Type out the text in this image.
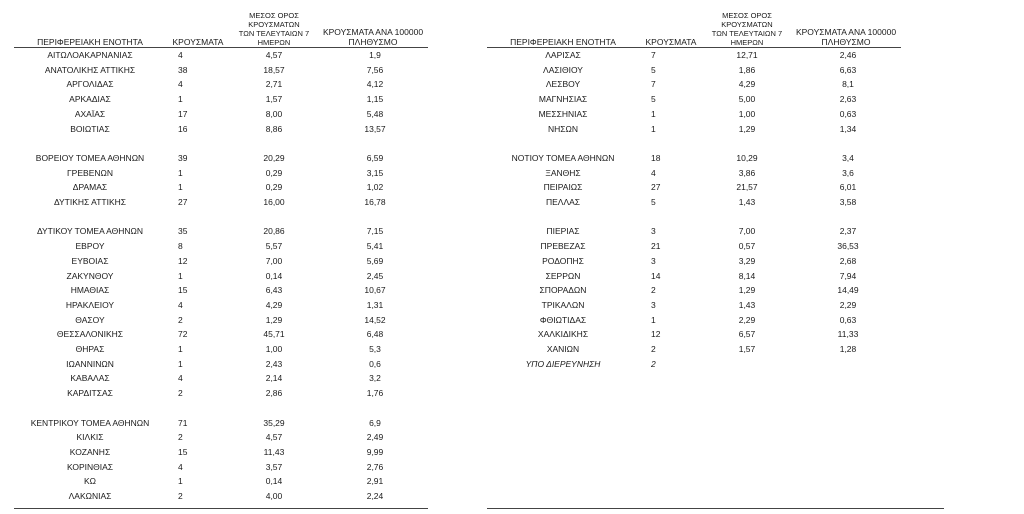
ΠΕΡΙΦΕΡΕΙΑΚΗ ΕΝΟΤΗΤΑ	ΚΡΟΥΣΜΑΤΑ	ΜΕΣΟΣ ΟΡΟΣ ΚΡΟΥΣΜΑΤΩΝ
ΤΩΝ ΤΕΛΕΥΤΑΙΩΝ 7 ΗΜΕΡΩΝ	ΚΡΟΥΣΜΑΤΑ ΑΝΑ 100000
ΠΛΗΘΥΣΜΟ
ΑΙΤΩΛΟΑΚΑΡΝΑΝΙΑΣ	4	4,57	1,9
ΑΝΑΤΟΛΙΚΗΣ ΑΤΤΙΚΗΣ	38	18,57	7,56
ΑΡΓΟΛΙΔΑΣ	4	2,71	4,12
ΑΡΚΑΔΙΑΣ	1	1,57	1,15
ΑΧΑΪΑΣ	17	8,00	5,48
ΒΟΙΩΤΙΑΣ	16	8,86	13,57

ΒΟΡΕΙΟΥ ΤΟΜΕΑ ΑΘΗΝΩΝ	39	20,29	6,59
ΓΡΕΒΕΝΩΝ	1	0,29	3,15
ΔΡΑΜΑΣ	1	0,29	1,02
ΔΥΤΙΚΗΣ ΑΤΤΙΚΗΣ	27	16,00	16,78

ΔΥΤΙΚΟΥ ΤΟΜΕΑ ΑΘΗΝΩΝ	35	20,86	7,15
ΕΒΡΟΥ	8	5,57	5,41
ΕΥΒΟΙΑΣ	12	7,00	5,69
ΖΑΚΥΝΘΟΥ	1	0,14	2,45
ΗΜΑΘΙΑΣ	15	6,43	10,67
ΗΡΑΚΛΕΙΟΥ	4	4,29	1,31
ΘΑΣΟΥ	2	1,29	14,52
ΘΕΣΣΑΛΟΝΙΚΗΣ	72	45,71	6,48
ΘΗΡΑΣ	1	1,00	5,3
ΙΩΑΝΝΙΝΩΝ	1	2,43	0,6
ΚΑΒΑΛΑΣ	4	2,14	3,2
ΚΑΡΔΙΤΣΑΣ	2	2,86	1,76

ΚΕΝΤΡΙΚΟΥ ΤΟΜΕΑ ΑΘΗΝΩΝ	71	35,29	6,9
ΚΙΛΚΙΣ	2	4,57	2,49
ΚΟΖΑΝΗΣ	15	11,43	9,99
ΚΟΡΙΝΘΙΑΣ	4	3,57	2,76
ΚΩ	1	0,14	2,91
ΛΑΚΩΝΙΑΣ	2	4,00	2,24
ΠΕΡΙΦΕΡΕΙΑΚΗ ΕΝΟΤΗΤΑ	ΚΡΟΥΣΜΑΤΑ	ΜΕΣΟΣ ΟΡΟΣ ΚΡΟΥΣΜΑΤΩΝ
ΤΩΝ ΤΕΛΕΥΤΑΙΩΝ 7 ΗΜΕΡΩΝ	ΚΡΟΥΣΜΑΤΑ ΑΝΑ 100000
ΠΛΗΘΥΣΜΟ
ΛΑΡΙΣΑΣ	7	12,71	2,46
ΛΑΣΙΘΙΟΥ	5	1,86	6,63
ΛΕΣΒΟΥ	7	4,29	8,1
ΜΑΓΝΗΣΙΑΣ	5	5,00	2,63
ΜΕΣΣΗΝΙΑΣ	1	1,00	0,63
ΝΗΣΩΝ	1	1,29	1,34

ΝΟΤΙΟΥ ΤΟΜΕΑ ΑΘΗΝΩΝ	18	10,29	3,4
ΞΑΝΘΗΣ	4	3,86	3,6
ΠΕΙΡΑΙΩΣ	27	21,57	6,01
ΠΕΛΛΑΣ	5	1,43	3,58

ΠΙΕΡΙΑΣ	3	7,00	2,37
ΠΡΕΒΕΖΑΣ	21	0,57	36,53
ΡΟΔΟΠΗΣ	3	3,29	2,68
ΣΕΡΡΩΝ	14	8,14	7,94
ΣΠΟΡΑΔΩΝ	2	1,29	14,49
ΤΡΙΚΑΛΩΝ	3	1,43	2,29
ΦΘΙΩΤΙΔΑΣ	1	2,29	0,63
ΧΑΛΚΙΔΙΚΗΣ	12	6,57	11,33
ΧΑΝΙΩΝ	2	1,57	1,28
ΥΠΟ ΔΙΕΡΕΥΝΗΣΗ	2		
